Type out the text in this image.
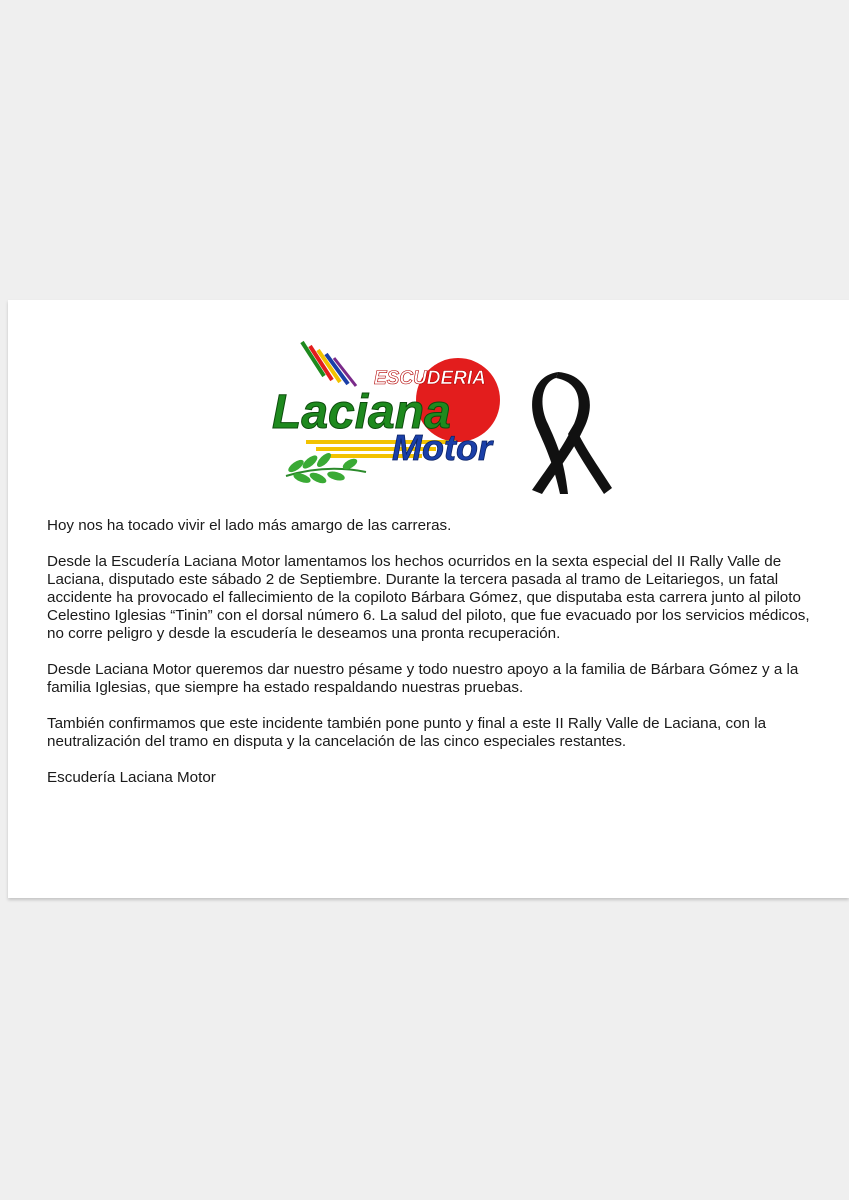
ESCUDERIA
Laciana
Motor

Hoy nos ha tocado vivir el lado más amargo de las carreras.

Desde la Escudería Laciana Motor lamentamos los hechos ocurridos en la sexta especial del II Rally Valle de Laciana, disputado este sábado 2 de Septiembre. Durante la tercera pasada al tramo de Leitariegos, un fatal accidente ha provocado el fallecimiento de la copiloto Bárbara Gómez, que disputaba esta carrera junto al piloto Celestino Iglesias “Tinin” con el dorsal número 6. La salud del piloto, que fue evacuado por los servicios médicos, no corre peligro y desde la escudería le deseamos una pronta recuperación.

Desde Laciana Motor queremos dar nuestro pésame y todo nuestro apoyo a la familia de Bárbara Gómez y a la familia Iglesias, que siempre ha estado respaldando nuestras pruebas.

También confirmamos que este incidente también pone punto y final a este II Rally Valle de Laciana, con la neutralización del tramo en disputa y la cancelación de las cinco especiales restantes.

Escudería Laciana Motor
